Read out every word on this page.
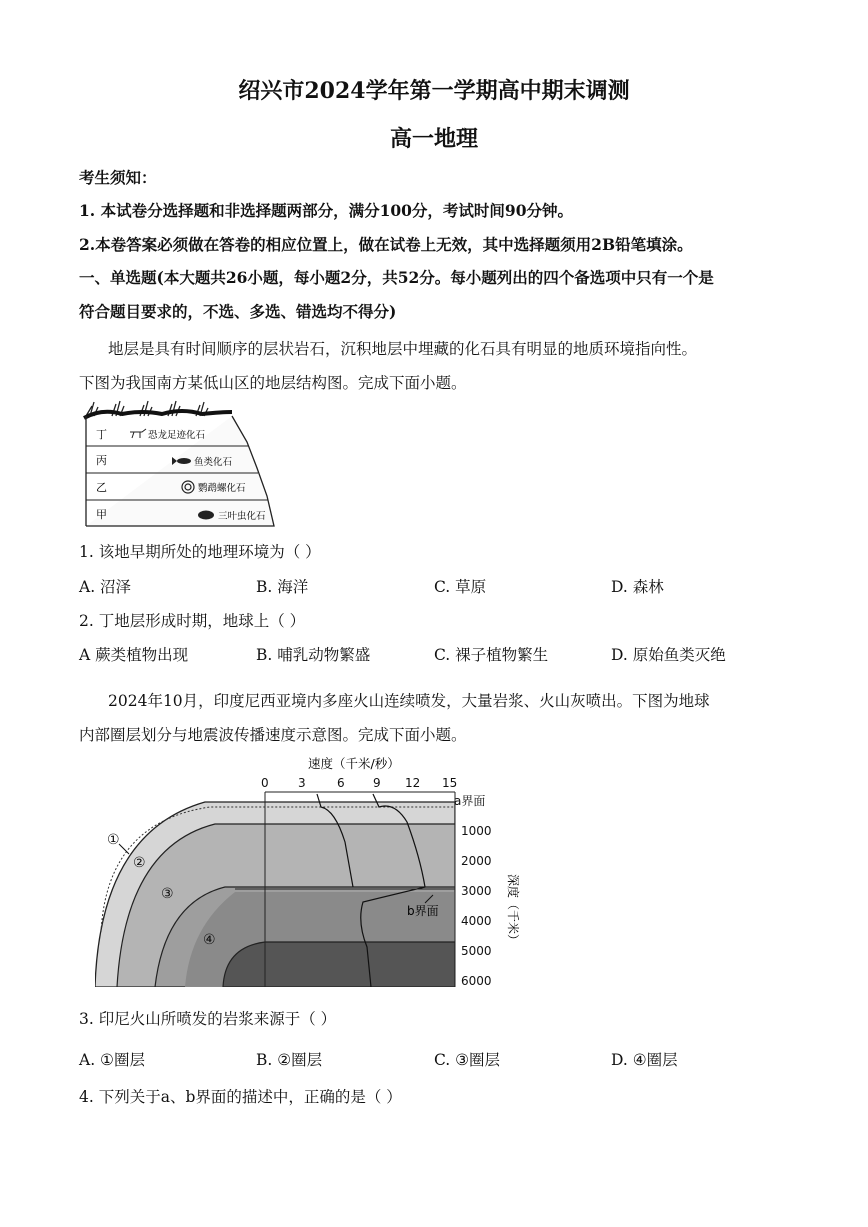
绍兴市2024学年第一学期高中期末调测
高一地理
考生须知：
1. 本试卷分选择题和非选择题两部分，满分100分，考试时间90分钟。
2.本卷答案必须做在答卷的相应位置上，做在试卷上无效，其中选择题须用2B铅笔填涂。
一、单选题(本大题共26小题，每小题2分，共52分。每小题列出的四个备选项中只有一个是
符合题目要求的，不选、多选、错选均不得分)
地层是具有时间顺序的层状岩石，沉积地层中埋藏的化石具有明显的地质环境指向性。
下图为我国南方某低山区的地层结构图。完成下面小题。
丁
丙
乙
甲
恐龙足迹化石
鱼类化石
鹦鹉螺化石
三叶虫化石
1. 该地早期所处的地理环境为（ ）
A. 沼泽	B. 海洋	C. 草原	D. 森林
2. 丁地层形成时期，地球上（ ）
A 蕨类植物出现	B. 哺乳动物繁盛	C. 裸子植物繁生	D. 原始鱼类灭绝
2024年10月，印度尼西亚境内多座火山连续喷发，大量岩浆、火山灰喷出。下图为地球
内部圈层划分与地震波传播速度示意图。完成下面小题。
0 3	6 9 12 15
速度（千米/秒）
a界面
1000
2000
3000
4000
5000
6000
深度（千米）
b界面
①
②
③
④
3. 印尼火山所喷发的岩浆来源于（ ）
A. ①圈层	B. ②圈层	C. ③圈层	D. ④圈层
4. 下列关于a、b界面的描述中，正确的是（ ）
